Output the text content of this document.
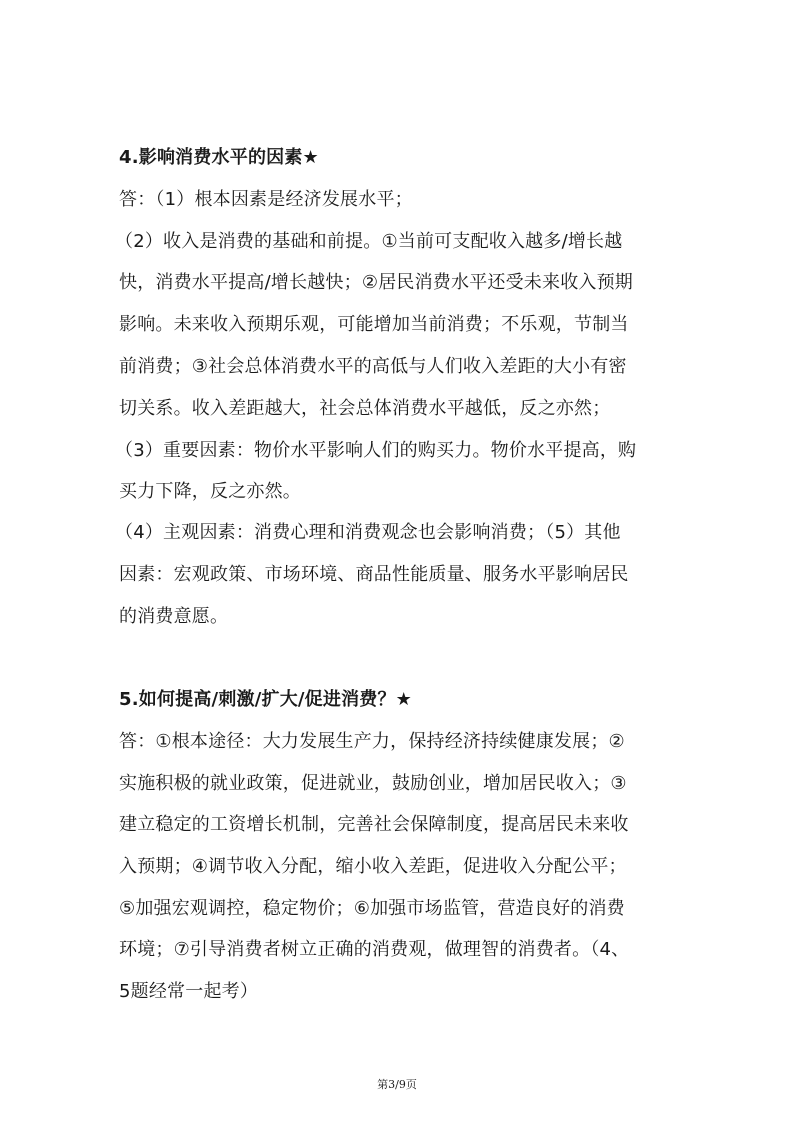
4.影响消费水平的因素★
答：（1）根本因素是经济发展水平；
（2）收入是消费的基础和前提。①当前可支配收入越多/增长越
快，消费水平提高/增长越快；②居民消费水平还受未来收入预期
影响。未来收入预期乐观，可能增加当前消费；不乐观，节制当
前消费；③社会总体消费水平的高低与人们收入差距的大小有密
切关系。收入差距越大，社会总体消费水平越低，反之亦然；
（3）重要因素：物价水平影响人们的购买力。物价水平提高，购
买力下降，反之亦然。
（4）主观因素：消费心理和消费观念也会影响消费；（5）其他
因素：宏观政策、市场环境、商品性能质量、服务水平影响居民
的消费意愿。
5.如何提高/刺激/扩大/促进消费？★
答：①根本途径：大力发展生产力，保持经济持续健康发展；②
实施积极的就业政策，促进就业，鼓励创业，增加居民收入；③
建立稳定的工资增长机制，完善社会保障制度，提高居民未来收
入预期；④调节收入分配，缩小收入差距，促进收入分配公平；
⑤加强宏观调控，稳定物价；⑥加强市场监管，营造良好的消费
环境；⑦引导消费者树立正确的消费观，做理智的消费者。（4、
5题经常一起考）
第3/9页
